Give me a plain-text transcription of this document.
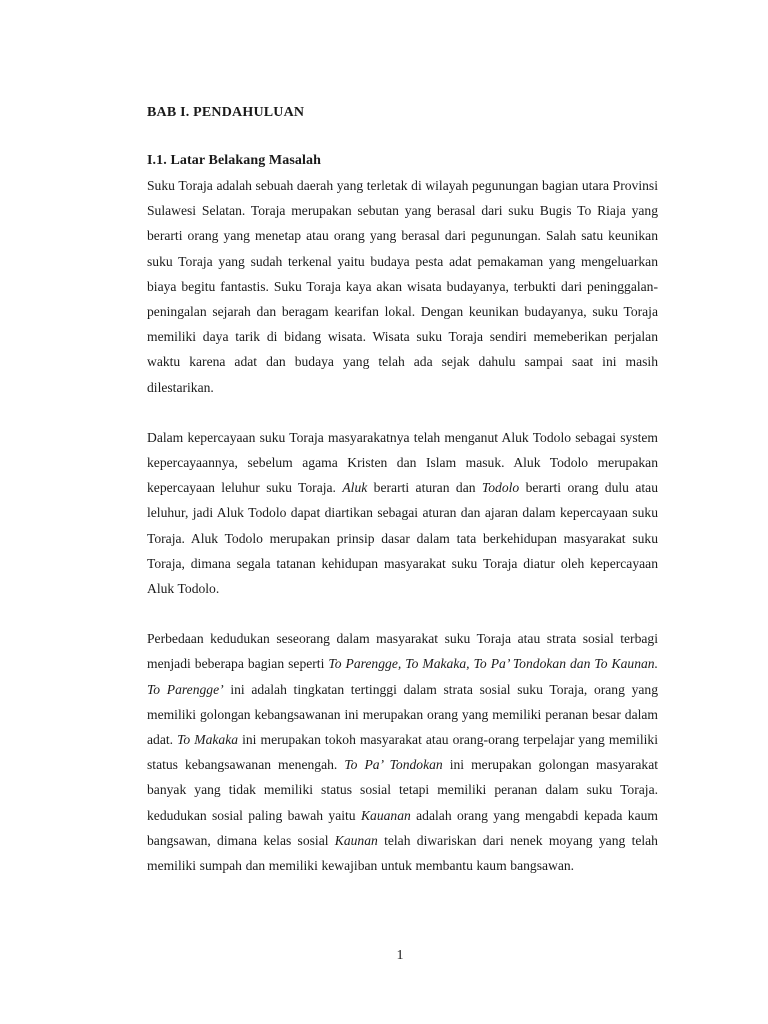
BAB I. PENDAHULUAN
I.1. Latar Belakang Masalah

Suku Toraja adalah sebuah daerah yang terletak di wilayah pegunungan bagian utara Provinsi Sulawesi Selatan. Toraja merupakan sebutan yang berasal dari suku Bugis To Riaja yang berarti orang yang menetap atau orang yang berasal dari pegunungan. Salah satu keunikan suku Toraja yang sudah terkenal yaitu budaya pesta adat pemakaman yang mengeluarkan biaya begitu fantastis. Suku Toraja kaya akan wisata budayanya, terbukti dari peninggalan-peningalan sejarah dan beragam kearifan lokal. Dengan keunikan budayanya, suku Toraja memiliki daya tarik di bidang wisata. Wisata suku Toraja sendiri memeberikan perjalan waktu karena adat dan budaya yang telah ada sejak dahulu sampai saat ini masih dilestarikan.

Dalam kepercayaan suku Toraja masyarakatnya telah menganut Aluk Todolo sebagai system kepercayaannya, sebelum agama Kristen dan Islam masuk. Aluk Todolo merupakan kepercayaan leluhur suku Toraja. Aluk berarti aturan dan Todolo berarti orang dulu atau leluhur, jadi Aluk Todolo dapat diartikan sebagai aturan dan ajaran dalam kepercayaan suku Toraja. Aluk Todolo merupakan prinsip dasar dalam tata berkehidupan masyarakat suku Toraja, dimana segala tatanan kehidupan masyarakat suku Toraja diatur oleh kepercayaan Aluk Todolo.

Perbedaan kedudukan seseorang dalam masyarakat suku Toraja atau strata sosial terbagi menjadi beberapa bagian seperti To Parengge, To Makaka, To Pa’ Tondokan dan To Kaunan. To Parengge’ ini adalah tingkatan tertinggi dalam strata sosial suku Toraja, orang yang memiliki golongan kebangsawanan ini merupakan orang yang memiliki peranan besar dalam adat. To Makaka ini merupakan tokoh masyarakat atau orang-orang terpelajar yang memiliki status kebangsawanan menengah. To Pa’ Tondokan ini merupakan golongan masyarakat banyak yang tidak memiliki status sosial tetapi memiliki peranan dalam suku Toraja. kedudukan sosial paling bawah yaitu Kauanan adalah orang yang mengabdi kepada kaum bangsawan, dimana kelas sosial Kaunan telah diwariskan dari nenek moyang yang telah memiliki sumpah dan memiliki kewajiban untuk membantu kaum bangsawan.

1
